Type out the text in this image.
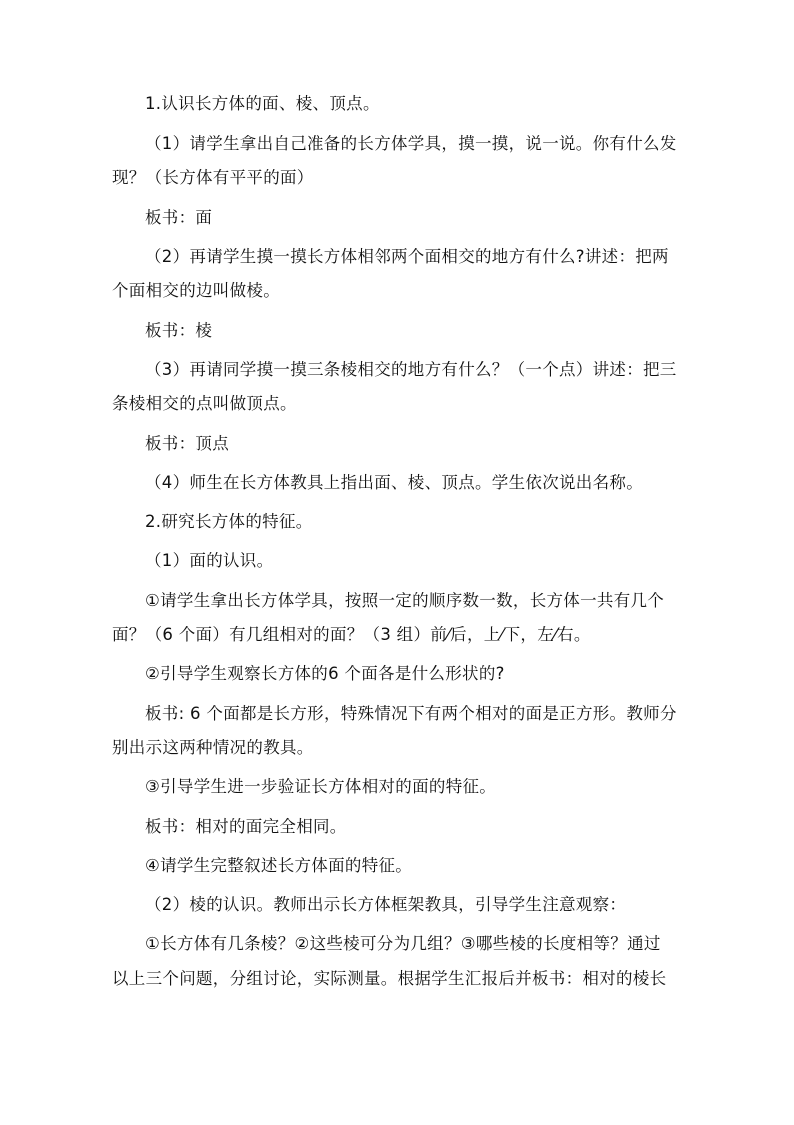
1.认识长方体的面、棱、顶点。
（1）请学生拿出自己准备的长方体学具，摸一摸，说一说。你有什么发
现？（长方体有平平的面）
板书：面
（2）再请学生摸一摸长方体相邻两个面相交的地方有什么?讲述：把两
个面相交的边叫做棱。
板书：棱
（3）再请同学摸一摸三条棱相交的地方有什么？（一个点）讲述：把三
条棱相交的点叫做顶点。
板书：顶点
（4）师生在长方体教具上指出面、棱、顶点。学生依次说出名称。
2.研究长方体的特征。
（1）面的认识。
①请学生拿出长方体学具，按照一定的顺序数一数，长方体一共有几个
面？（6 个面）有几组相对的面？（3 组）前⁄后，上⁄下，左⁄右。
②引导学生观察长方体的6 个面各是什么形状的?
板书: 6 个面都是长方形，特殊情况下有两个相对的面是正方形。教师分
别出示这两种情况的教具。
③引导学生进一步验证长方体相对的面的特征。
板书：相对的面完全相同。
④请学生完整叙述长方体面的特征。
（2）棱的认识。教师出示长方体框架教具，引导学生注意观察：
①长方体有几条棱？②这些棱可分为几组？③哪些棱的长度相等？通过
以上三个问题，分组讨论，实际测量。根据学生汇报后并板书：相对的棱长
